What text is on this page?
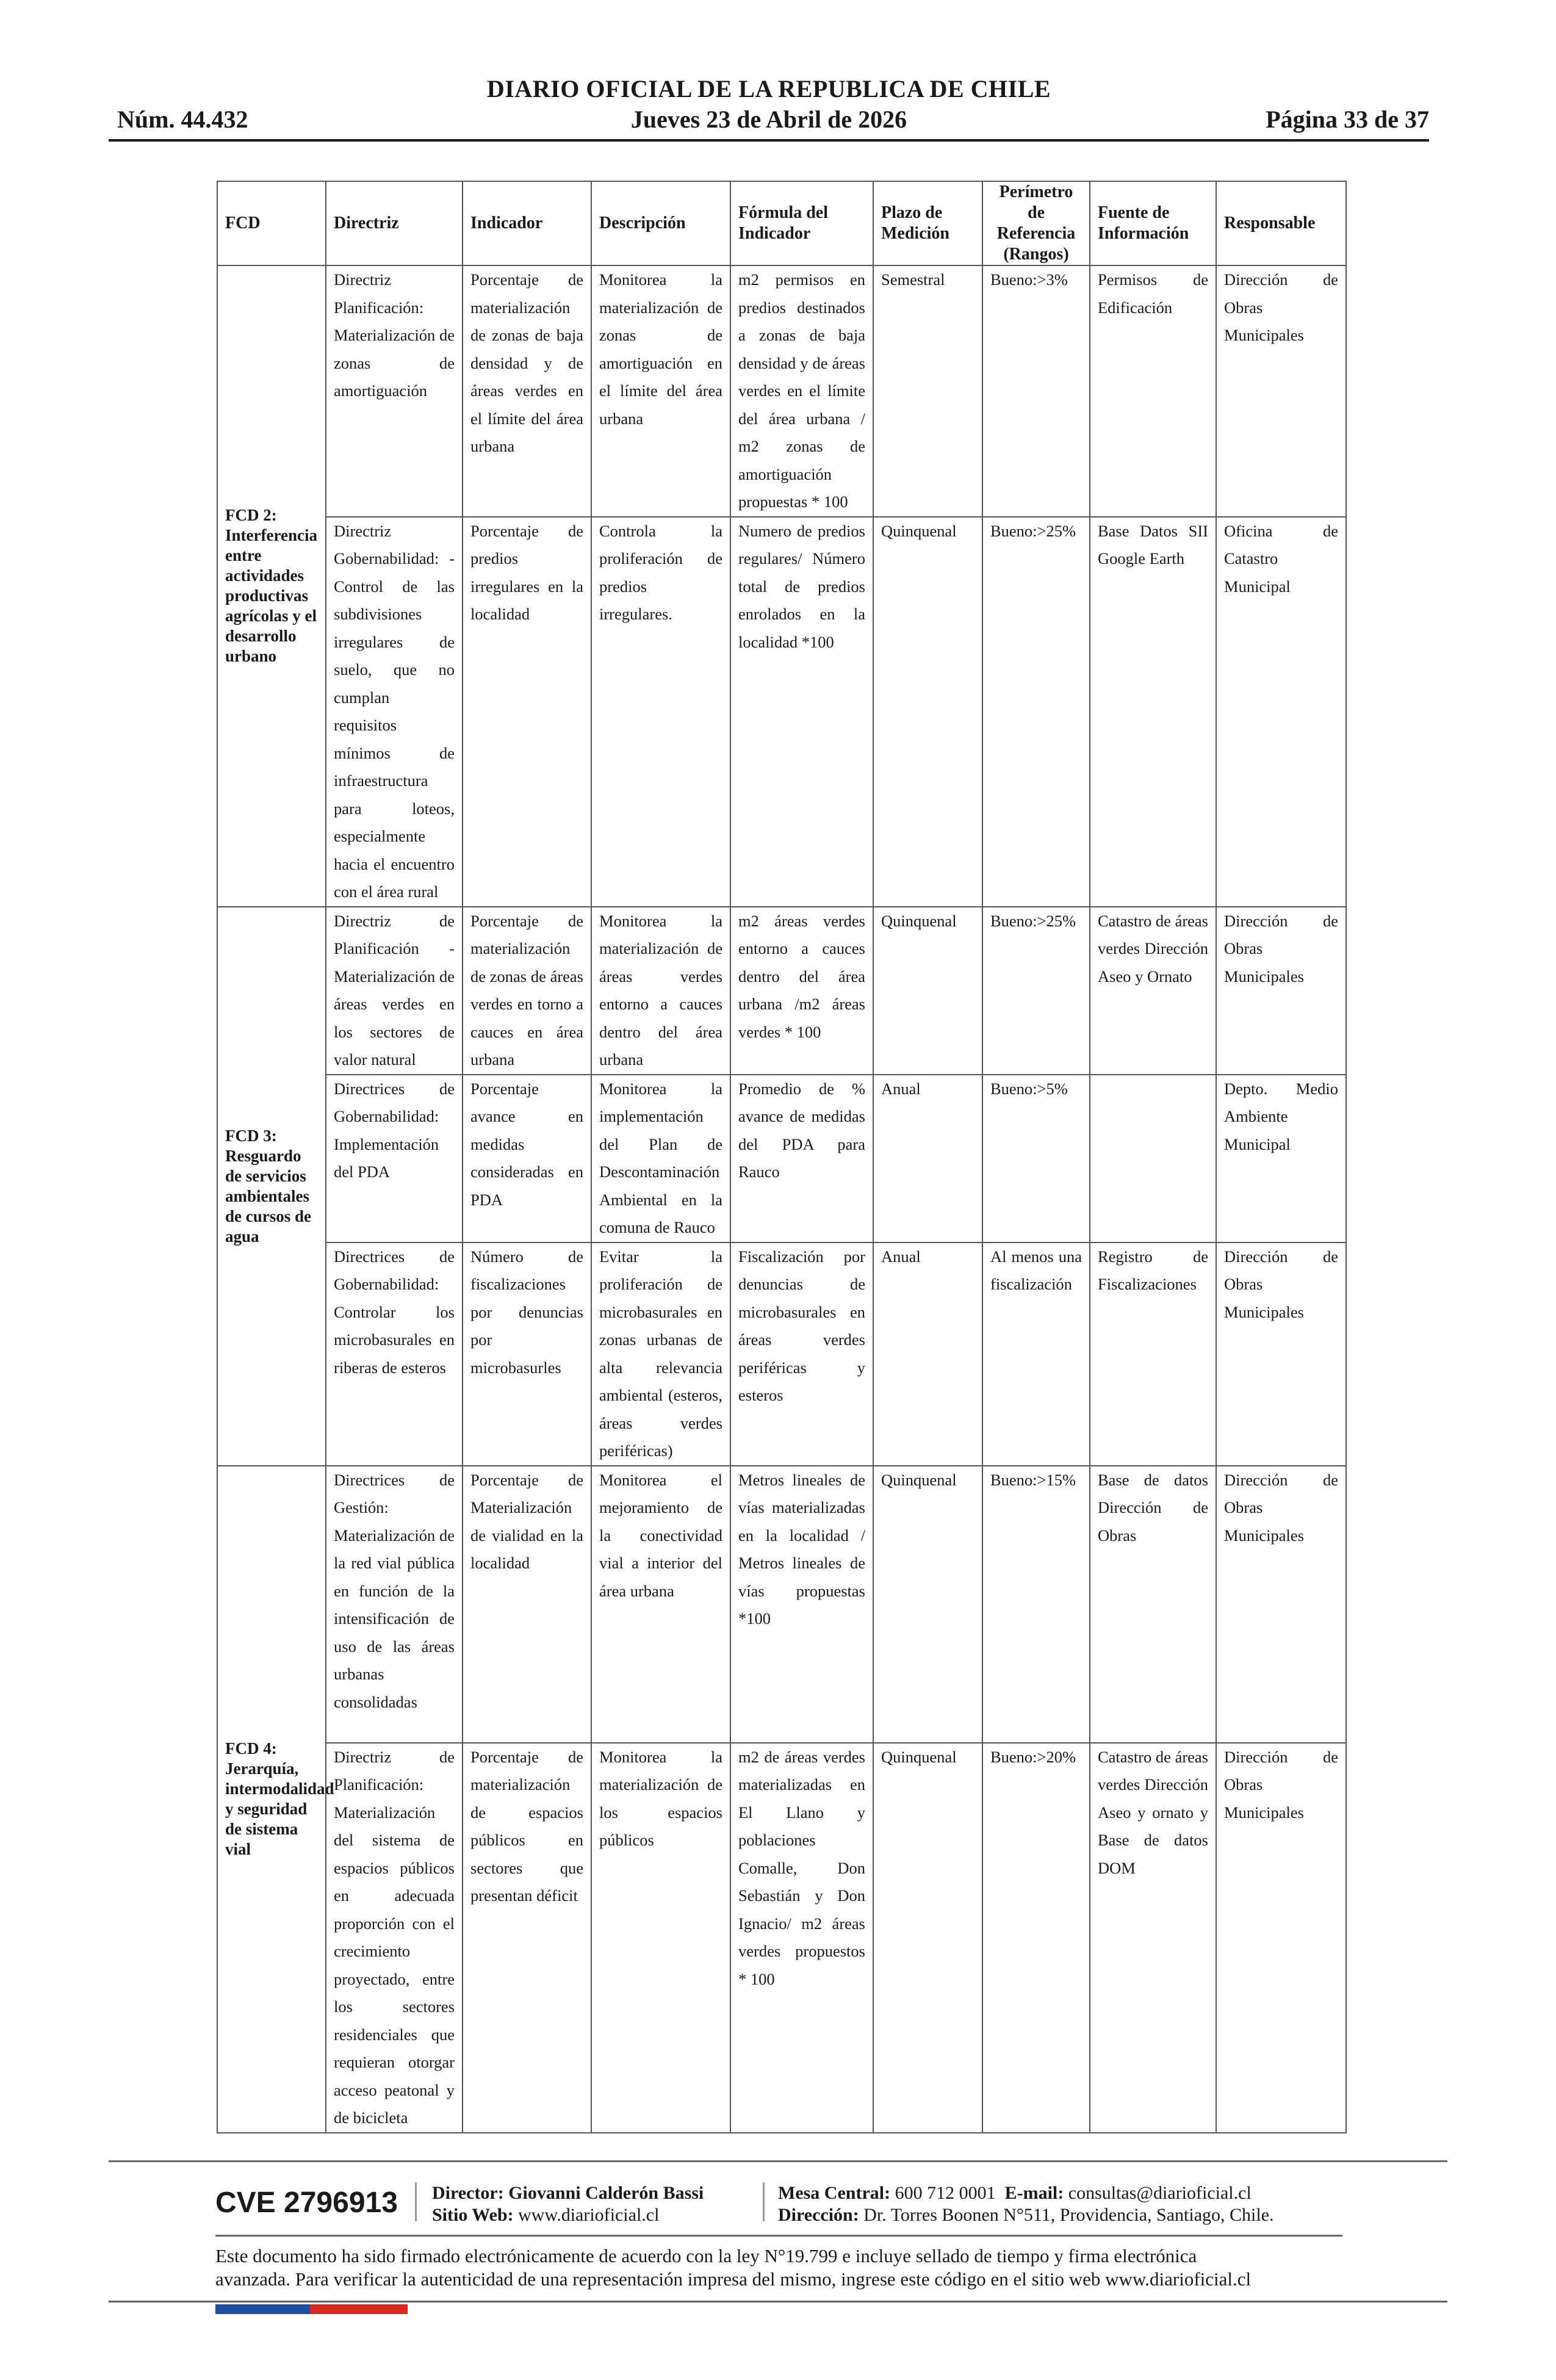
DIARIO OFICIAL DE LA REPUBLICA DE CHILE
Núm. 44.432	Jueves 23 de Abril de 2026	Página 33 de 37
FCD	Directriz	Indicador	Descripción	Fórmula del Indicador	Plazo de Medición	Perímetro de Referencia (Rangos)	Fuente de Información	Responsable
FCD 2: Interferencia entre actividades productivas agrícolas y el desarrollo urbano	Directriz Planificación: Materialización de zonas de amortiguación	Porcentaje de materialización de zonas de baja densidad y de áreas verdes en el límite del área urbana	Monitorea la materialización de zonas de amortiguación en el límite del área urbana	m2 permisos en predios destinados a zonas de baja densidad y de áreas verdes en el límite del área urbana / m2 zonas de amortiguación propuestas * 100	Semestral	Bueno:>3%	Permisos de Edificación	Dirección de Obras Municipales
	Directriz Gobernabilidad: - Control de las subdivisiones irregulares de suelo, que no cumplan requisitos mínimos de infraestructura para loteos, especialmente hacia el encuentro con el área rural	Porcentaje de predios irregulares en la localidad	Controla la proliferación de predios irregulares.	Numero de predios regulares/ Número total de predios enrolados en la localidad *100	Quinquenal	Bueno:>25%	Base Datos SII Google Earth	Oficina de Catastro Municipal
FCD 3: Resguardo de servicios ambientales de cursos de agua	Directriz de Planificación - Materialización de áreas verdes en los sectores de valor natural	Porcentaje de materialización de zonas de áreas verdes en torno a cauces en área urbana	Monitorea la materialización de áreas verdes entorno a cauces dentro del área urbana	m2 áreas verdes entorno a cauces dentro del área urbana /m2 áreas verdes * 100	Quinquenal	Bueno:>25%	Catastro de áreas verdes Dirección Aseo y Ornato	Dirección de Obras Municipales
	Directrices de Gobernabilidad: Implementación del PDA	Porcentaje avance en medidas consideradas en PDA	Monitorea la implementación del Plan de Descontaminación Ambiental en la comuna de Rauco	Promedio de % avance de medidas del PDA para Rauco	Anual	Bueno:>5%		Depto. Medio Ambiente Municipal
	Directrices de Gobernabilidad: Controlar los microbasurales en riberas de esteros	Número de fiscalizaciones por denuncias por microbasurles	Evitar la proliferación de microbasurales en zonas urbanas de alta relevancia ambiental (esteros, áreas verdes periféricas)	Fiscalización por denuncias de microbasurales en áreas verdes periféricas y esteros	Anual	Al menos una fiscalización	Registro de Fiscalizaciones	Dirección de Obras Municipales
FCD 4: Jerarquía, intermodalidad y seguridad de sistema vial	Directrices de Gestión: Materialización de la red vial pública en función de la intensificación de uso de las áreas urbanas consolidadas	Porcentaje de Materialización de vialidad en la localidad	Monitorea el mejoramiento de la conectividad vial a interior del área urbana	Metros lineales de vías materializadas en la localidad / Metros lineales de vías propuestas *100	Quinquenal	Bueno:>15%	Base de datos Dirección de Obras	Dirección de Obras Municipales
	Directriz de Planificación: Materialización del sistema de espacios públicos en adecuada proporción con el crecimiento proyectado, entre los sectores residenciales que requieran otorgar acceso peatonal y de bicicleta	Porcentaje de materialización de espacios públicos en sectores que presentan déficit	Monitorea la materialización de los espacios públicos	m2 de áreas verdes materializadas en El Llano y poblaciones Comalle, Don Sebastián y Don Ignacio/ m2 áreas verdes propuestos * 100	Quinquenal	Bueno:>20%	Catastro de áreas verdes Dirección Aseo y ornato y Base de datos DOM	Dirección de Obras Municipales
CVE 2796913 Director: Giovanni Calderón Bassi
Sitio Web: www.diarioficial.cl
Mesa Central: 600 712 0001 E-mail: consultas@diarioficial.cl
Dirección: Dr. Torres Boonen N°511, Providencia, Santiago, Chile.
Este documento ha sido firmado electrónicamente de acuerdo con la ley N°19.799 e incluye sellado de tiempo y firma electrónica
avanzada. Para verificar la autenticidad de una representación impresa del mismo, ingrese este código en el sitio web www.diarioficial.cl
